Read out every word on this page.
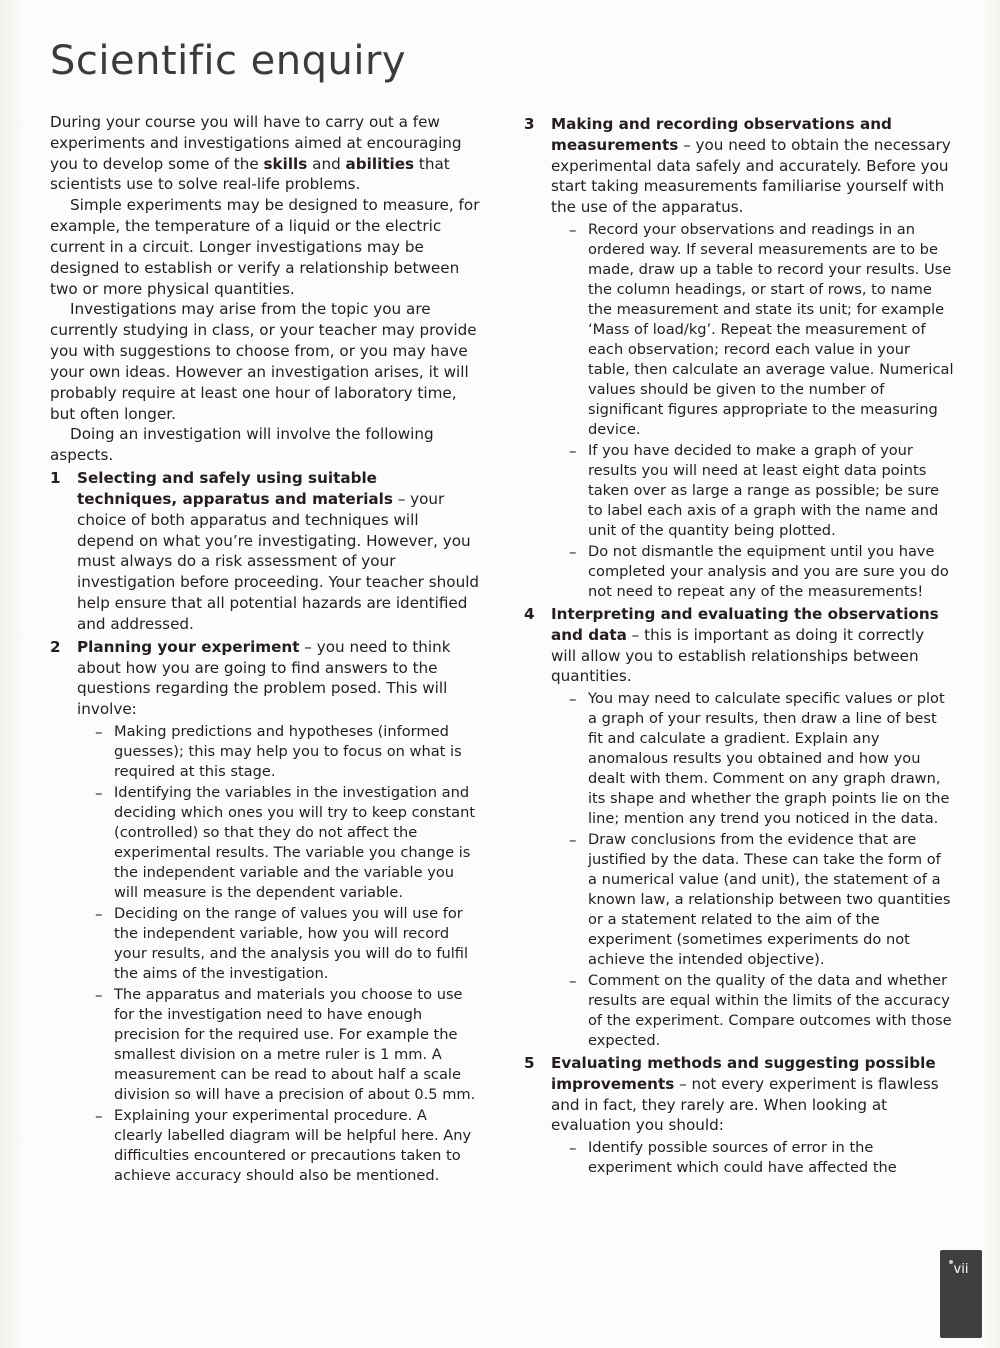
Scientific enquiry

During your course you will have to carry out a few experiments and investigations aimed at encouraging you to develop some of the skills and abilities that scientists use to solve real-life problems.

Simple experiments may be designed to measure, for example, the temperature of a liquid or the electric current in a circuit. Longer investigations may be designed to establish or verify a relationship between two or more physical quantities.

Investigations may arise from the topic you are currently studying in class, or your teacher may provide you with suggestions to choose from, or you may have your own ideas. However an investigation arises, it will probably require at least one hour of laboratory time, but often longer.

Doing an investigation will involve the following aspects.

1	Selecting and safely using suitable techniques, apparatus and materials – your choice of both apparatus and techniques will depend on what you’re investigating. However, you must always do a risk assessment of your investigation before proceeding. Your teacher should help ensure that all potential hazards are identified and addressed.
2	Planning your experiment – you need to think about how you are going to find answers to the questions regarding the problem posed. This will involve:
– Making predictions and hypotheses (informed guesses); this may help you to focus on what is required at this stage.
– Identifying the variables in the investigation and deciding which ones you will try to keep constant (controlled) so that they do not affect the experimental results. The variable you change is the independent variable and the variable you will measure is the dependent variable.
– Deciding on the range of values you will use for the independent variable, how you will record your results, and the analysis you will do to fulfil the aims of the investigation.
– The apparatus and materials you choose to use for the investigation need to have enough precision for the required use. For example the smallest division on a metre ruler is 1 mm. A measurement can be read to about half a scale division so will have a precision of about 0.5 mm.
– Explaining your experimental procedure. A clearly labelled diagram will be helpful here. Any difficulties encountered or precautions taken to achieve accuracy should also be mentioned.
3	Making and recording observations and measurements – you need to obtain the necessary experimental data safely and accurately. Before you start taking measurements familiarise yourself with the use of the apparatus.
– Record your observations and readings in an ordered way. If several measurements are to be made, draw up a table to record your results. Use the column headings, or start of rows, to name the measurement and state its unit; for example ‘Mass of load/kg’. Repeat the measurement of each observation; record each value in your table, then calculate an average value. Numerical values should be given to the number of significant figures appropriate to the measuring device.
– If you have decided to make a graph of your results you will need at least eight data points taken over as large a range as possible; be sure to label each axis of a graph with the name and unit of the quantity being plotted.
– Do not dismantle the equipment until you have completed your analysis and you are sure you do not need to repeat any of the measurements!
4	Interpreting and evaluating the observations and data – this is important as doing it correctly will allow you to establish relationships between quantities.
– You may need to calculate specific values or plot a graph of your results, then draw a line of best fit and calculate a gradient. Explain any anomalous results you obtained and how you dealt with them. Comment on any graph drawn, its shape and whether the graph points lie on the line; mention any trend you noticed in the data.
– Draw conclusions from the evidence that are justified by the data. These can take the form of a numerical value (and unit), the statement of a known law, a relationship between two quantities or a statement related to the aim of the experiment (sometimes experiments do not achieve the intended objective).
– Comment on the quality of the data and whether results are equal within the limits of the accuracy of the experiment. Compare outcomes with those expected.
5	Evaluating methods and suggesting possible improvements – not every experiment is flawless and in fact, they rarely are. When looking at evaluation you should:
– Identify possible sources of error in the experiment which could have affected the
vii
